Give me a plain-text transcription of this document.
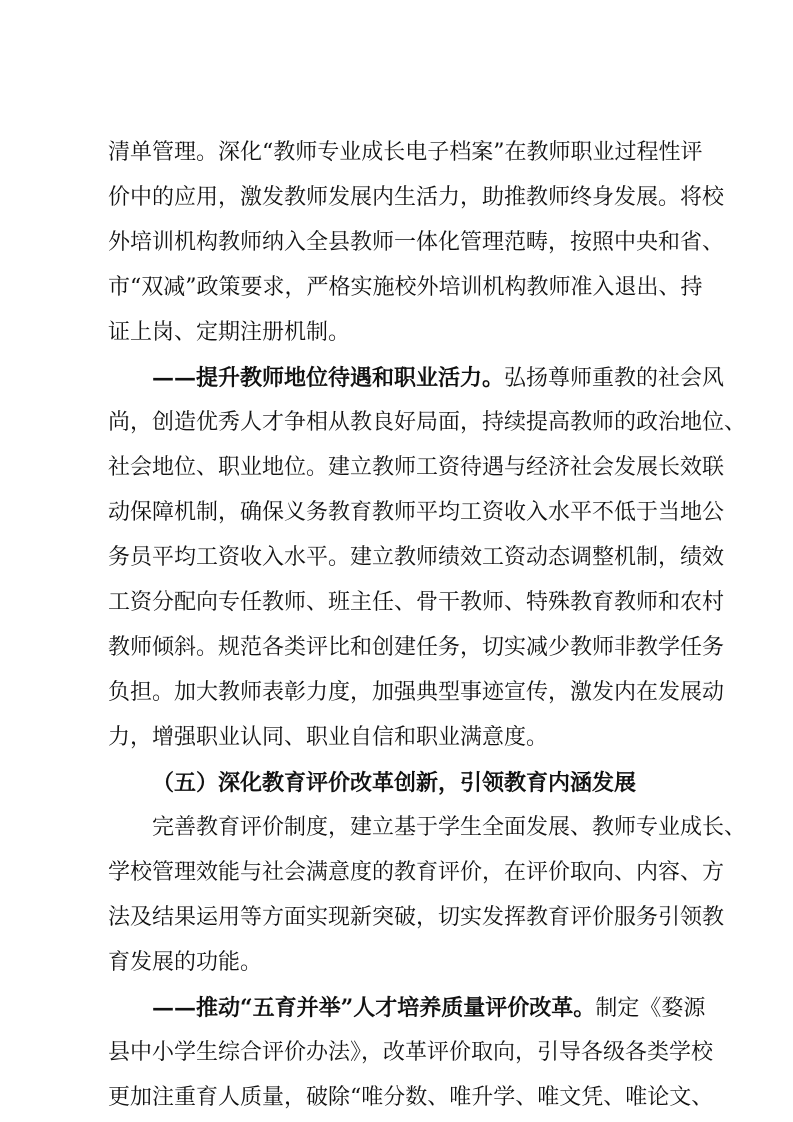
清单管理。深化“教师专业成长电子档案”在教师职业过程性评
价中的应用，激发教师发展内生活力，助推教师终身发展。将校
外培训机构教师纳入全县教师一体化管理范畴，按照中央和省、
市“双减”政策要求，严格实施校外培训机构教师准入退出、持
证上岗、定期注册机制。
——提升教师地位待遇和职业活力。弘扬尊师重教的社会风
尚，创造优秀人才争相从教良好局面，持续提高教师的政治地位、
社会地位、职业地位。建立教师工资待遇与经济社会发展长效联
动保障机制，确保义务教育教师平均工资收入水平不低于当地公
务员平均工资收入水平。建立教师绩效工资动态调整机制，绩效
工资分配向专任教师、班主任、骨干教师、特殊教育教师和农村
教师倾斜。规范各类评比和创建任务，切实减少教师非教学任务
负担。加大教师表彰力度，加强典型事迹宣传，激发内在发展动
力，增强职业认同、职业自信和职业满意度。
（五）深化教育评价改革创新，引领教育内涵发展
完善教育评价制度，建立基于学生全面发展、教师专业成长、
学校管理效能与社会满意度的教育评价，在评价取向、内容、方
法及结果运用等方面实现新突破，切实发挥教育评价服务引领教
育发展的功能。
——推动“五育并举”人才培养质量评价改革。制定《婺源
县中小学生综合评价办法》，改革评价取向，引导各级各类学校
更加注重育人质量，破除“唯分数、唯升学、唯文凭、唯论文、
